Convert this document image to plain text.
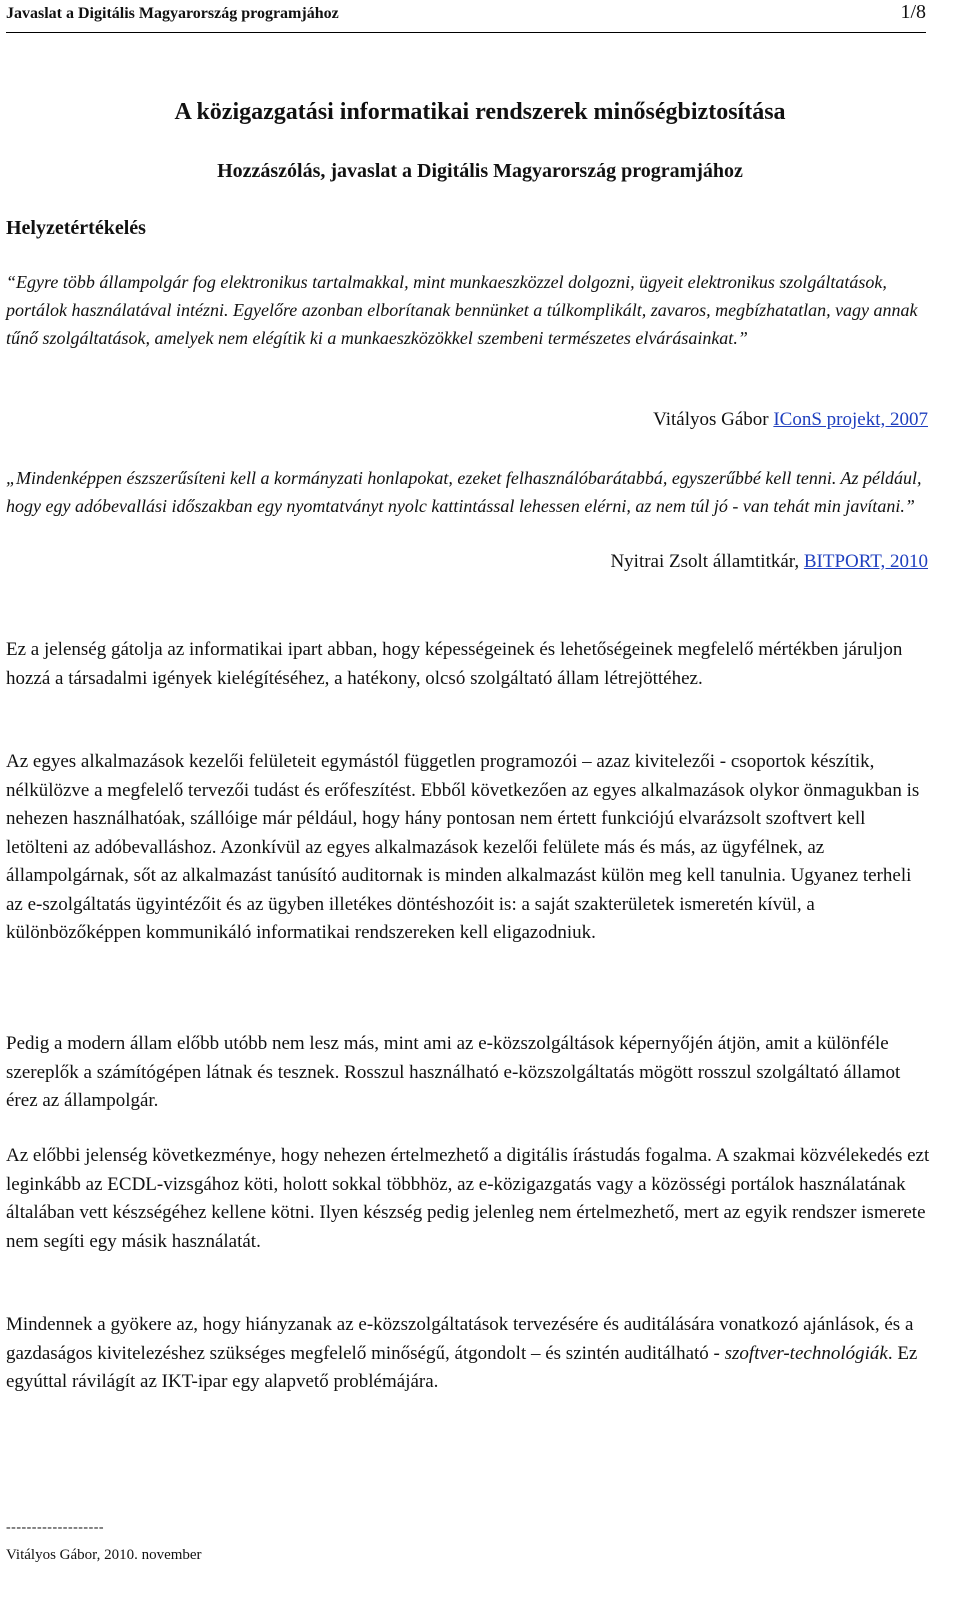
Javaslat a Digitális Magyarország programjához	1/8
A közigazgatási informatikai rendszerek minőségbiztosítása
Hozzászólás, javaslat a Digitális Magyarország programjához
Helyzetértékelés
“Egyre több állampolgár fog elektronikus tartalmakkal, mint munkaeszközzel dolgozni, ügyeit elektronikus szolgáltatások, portálok használatával intézni. Egyelőre azonban elborítanak bennünket a túlkomplikált, zavaros, megbízhatatlan, vagy annak tűnő szolgáltatások, amelyek nem elégítik ki a munkaeszközökkel szembeni természetes elvárásainkat.”
Vitályos Gábor IConS projekt, 2007
„Mindenképpen észszerűsíteni kell a kormányzati honlapokat, ezeket felhasználóbarátabbá, egyszerűbbé kell tenni. Az például, hogy egy adóbevallási időszakban egy nyomtatványt nyolc kattintással lehessen elérni, az nem túl jó - van tehát min javítani.”
Nyitrai Zsolt államtitkár, BITPORT, 2010
Ez a jelenség gátolja az informatikai ipart abban, hogy képességeinek és lehetőségeinek megfelelő mértékben járuljon hozzá a társadalmi igények kielégítéséhez, a hatékony, olcsó szolgáltató állam létrejöttéhez.
Az egyes alkalmazások kezelői felületeit egymástól független programozói – azaz kivitelezői - csoportok készítik, nélkülözve a megfelelő tervezői tudást és erőfeszítést. Ebből következően az egyes alkalmazások olykor önmagukban is nehezen használhatóak, szállóige már például, hogy hány pontosan nem értett funkciójú elvarázsolt szoftvert kell letölteni az adóbevalláshoz. Azonkívül az egyes alkalmazások kezelői felülete más és más, az ügyfélnek, az állampolgárnak, sőt az alkalmazást tanúsító auditornak is minden alkalmazást külön meg kell tanulnia. Ugyanez terheli az e-szolgáltatás ügyintézőit és az ügyben illetékes döntéshozóit is: a saját szakterületek ismeretén kívül, a különbözőképpen kommunikáló informatikai rendszereken kell eligazodniuk.
Pedig a modern állam előbb utóbb nem lesz más, mint ami az e-közszolgáltások képernyőjén átjön, amit a különféle szereplők a számítógépen látnak és tesznek. Rosszul használható e-közszolgáltatás mögött rosszul szolgáltató államot érez az állampolgár.
Az előbbi jelenség következménye, hogy nehezen értelmezhető a digitális írástudás fogalma. A szakmai közvélekedés ezt leginkább az ECDL-vizsgához köti, holott sokkal többhöz, az e-közigazgatás vagy a közösségi portálok használatának általában vett készségéhez kellene kötni. Ilyen készség pedig jelenleg nem értelmezhető, mert az egyik rendszer ismerete nem segíti egy másik használatát.
Mindennek a gyökere az, hogy hiányzanak az e-közszolgáltatások tervezésére és auditálására vonatkozó ajánlások, és a gazdaságos kivitelezéshez szükséges megfelelő minőségű, átgondolt – és szintén auditálható - szoftver-technológiák. Ez egyúttal rávilágít az IKT-ipar egy alapvető problémájára.
-------------------
Vitályos Gábor, 2010. november
